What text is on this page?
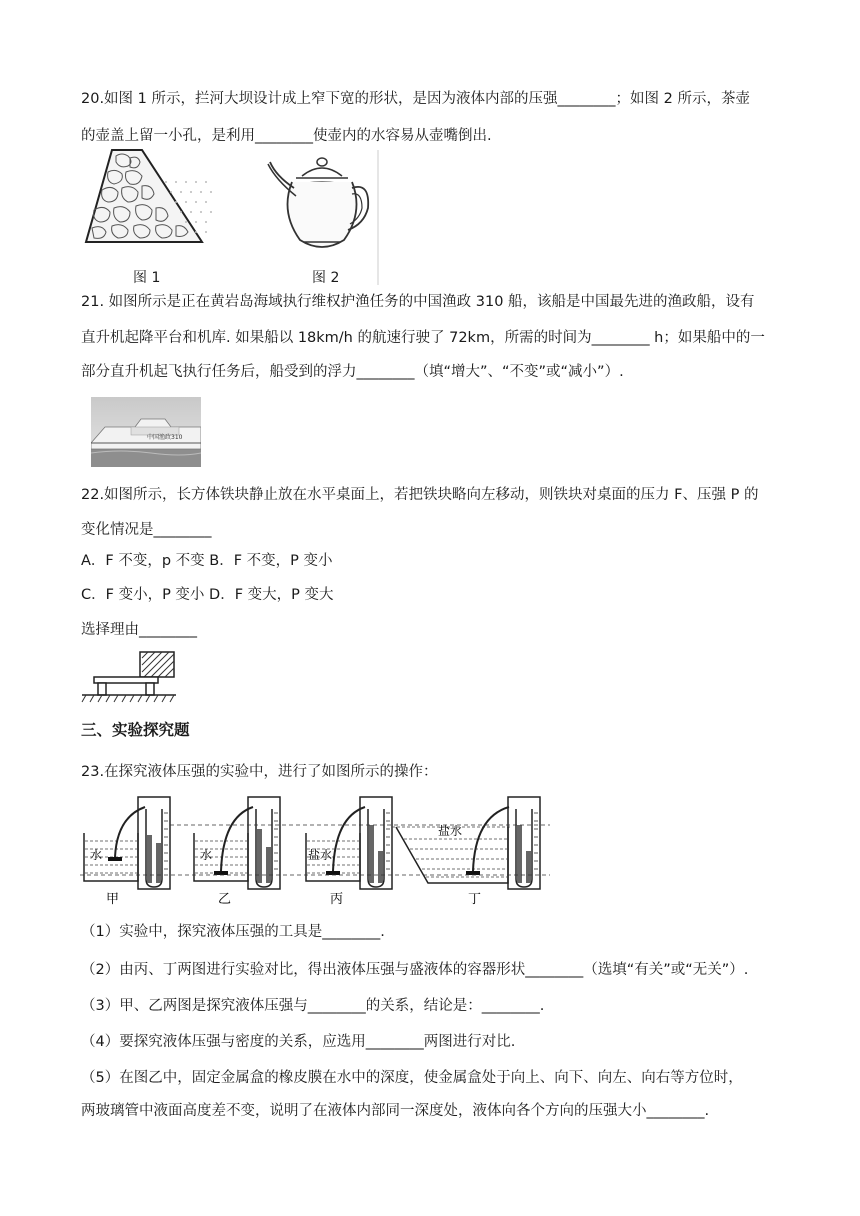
20.如图 1 所示，拦河大坝设计成上窄下宽的形状，是因为液体内部的压强________；如图 2 所示，茶壶
的壶盖上留一小孔，是利用________使壶内的水容易从壶嘴倒出.
图 1	图 2
21. 如图所示是正在黄岩岛海域执行维权护渔任务的中国渔政 310 船，该船是中国最先进的渔政船，设有
直升机起降平台和机库. 如果船以 18km/h 的航速行驶了 72km，所需的时间为________ h；如果船中的一
部分直升机起飞执行任务后，船受到的浮力________（填“增大”、“不变”或“减小”）.
中国渔政310
22.如图所示，长方体铁块静止放在水平桌面上，若把铁块略向左移动，则铁块对桌面的压力 F、压强 P 的
变化情况是________
A．F 不变，p 不变 B．F 不变，P 变小
C．F 变小，P 变小 D．F 变大，P 变大
选择理由________
三、实验探究题
23.在探究液体压强的实验中，进行了如图所示的操作：
水
甲
水
乙
盐水
丙
盐水
丁
（1）实验中，探究液体压强的工具是________.
（2）由丙、丁两图进行实验对比，得出液体压强与盛液体的容器形状________（选填“有关”或“无关”）.
（3）甲、乙两图是探究液体压强与________的关系，结论是：________.
（4）要探究液体压强与密度的关系，应选用________两图进行对比.
（5）在图乙中，固定金属盒的橡皮膜在水中的深度，使金属盒处于向上、向下、向左、向右等方位时，
两玻璃管中液面高度差不变，说明了在液体内部同一深度处，液体向各个方向的压强大小________.
